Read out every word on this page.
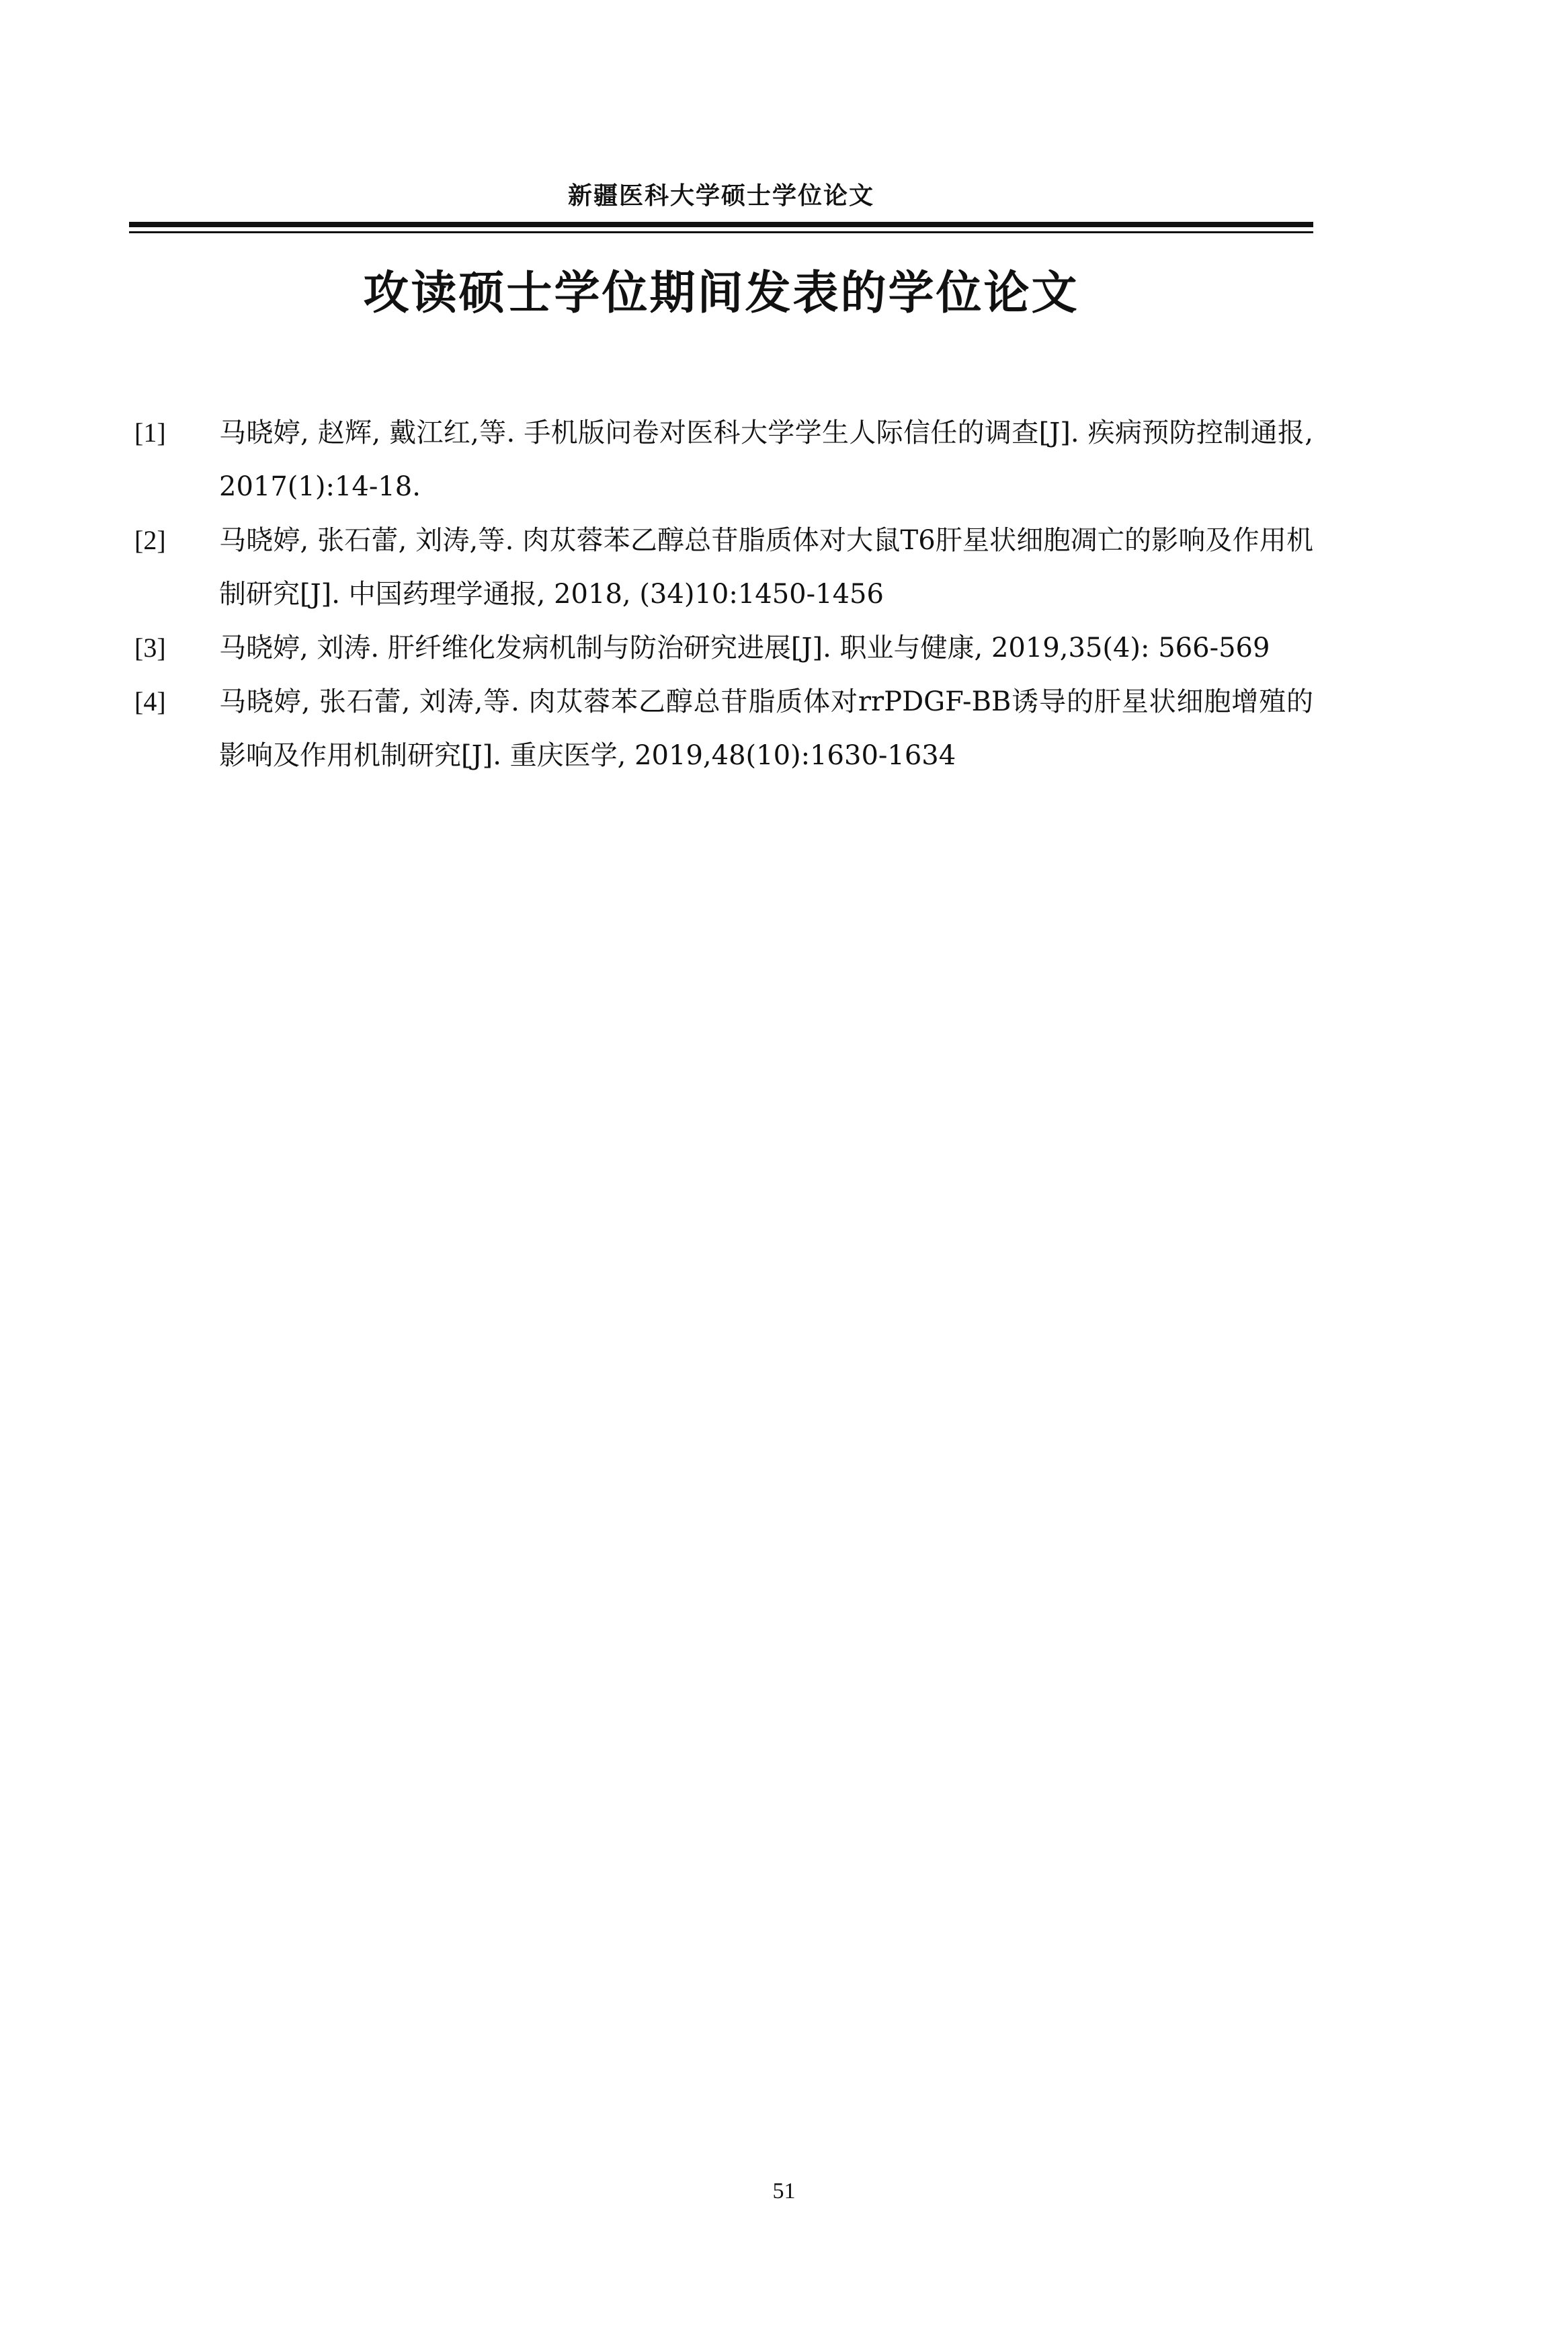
新疆医科大学硕士学位论文
攻读硕士学位期间发表的学位论文
[1]	马晓婷, 赵辉, 戴江红,等. 手机版问卷对医科大学学生人际信任的调查[J]. 疾病预防控制通报, 2017(1):14-18.
[2]	马晓婷, 张石蕾, 刘涛,等. 肉苁蓉苯乙醇总苷脂质体对大鼠T6肝星状细胞凋亡的影响及作用机制研究[J]. 中国药理学通报, 2018, (34)10:1450-1456
[3]	马晓婷, 刘涛. 肝纤维化发病机制与防治研究进展[J]. 职业与健康, 2019,35(4): 566-569
[4]	马晓婷, 张石蕾, 刘涛,等. 肉苁蓉苯乙醇总苷脂质体对rrPDGF-BB诱导的肝星状细胞增殖的影响及作用机制研究[J]. 重庆医学, 2019,48(10):1630-1634
51
